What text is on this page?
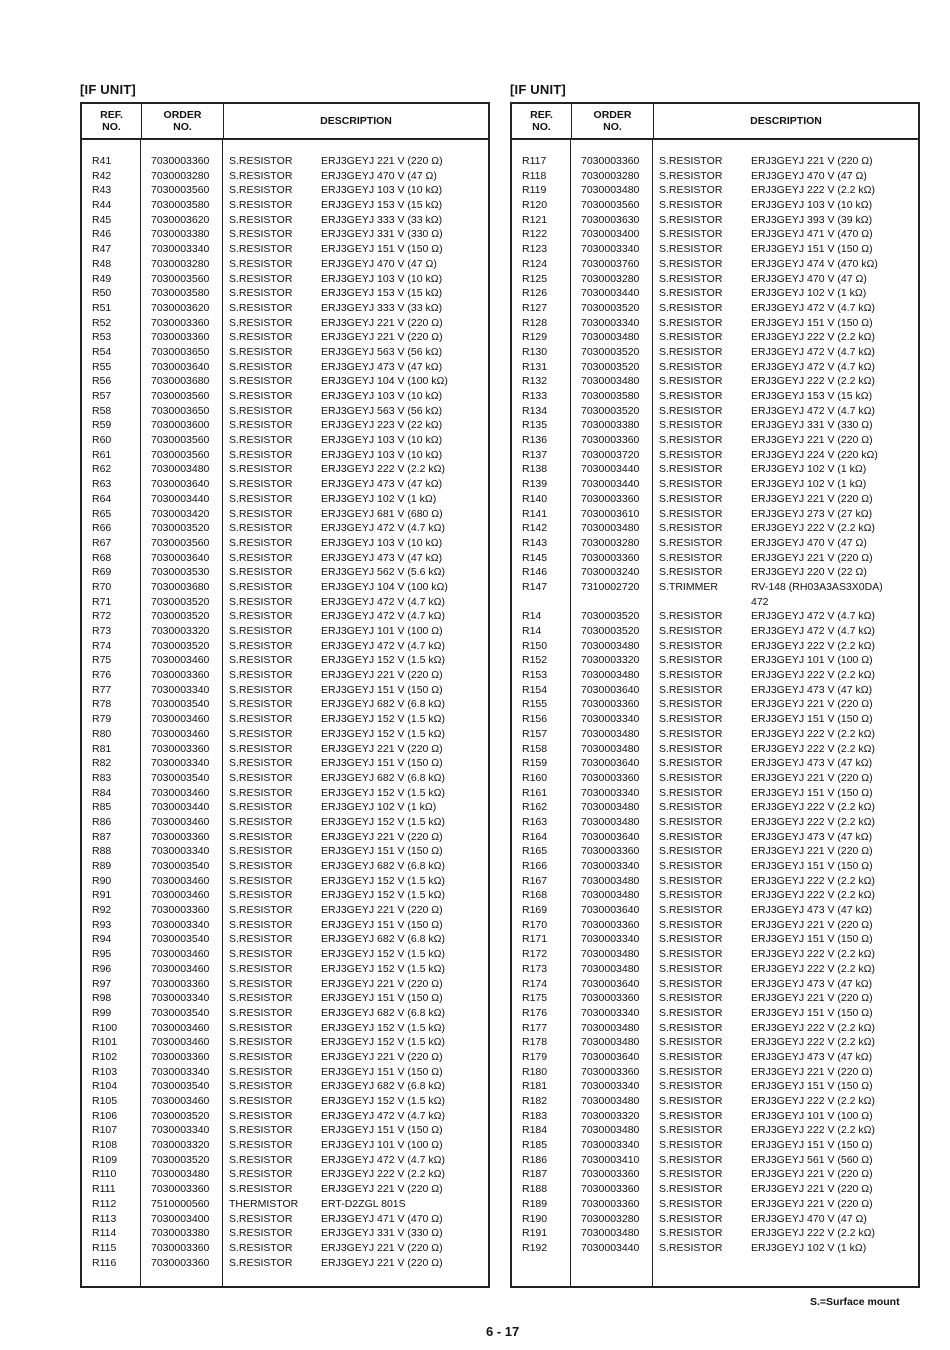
[IF UNIT]
REF.
NO.
ORDER
NO.	DESCRIPTION
R41	7030003360	S.RESISTOR	ERJ3GEYJ 221 V (220 Ω)
R42	7030003280	S.RESISTOR	ERJ3GEYJ 470 V (47 Ω)
R43	7030003560	S.RESISTOR	ERJ3GEYJ 103 V (10 kΩ)
R44	7030003580	S.RESISTOR	ERJ3GEYJ 153 V (15 kΩ)
R45	7030003620	S.RESISTOR	ERJ3GEYJ 333 V (33 kΩ)
R46	7030003380	S.RESISTOR	ERJ3GEYJ 331 V (330 Ω)
R47	7030003340	S.RESISTOR	ERJ3GEYJ 151 V (150 Ω)
R48	7030003280	S.RESISTOR	ERJ3GEYJ 470 V (47 Ω)
R49	7030003560	S.RESISTOR	ERJ3GEYJ 103 V (10 kΩ)
R50	7030003580	S.RESISTOR	ERJ3GEYJ 153 V (15 kΩ)
R51	7030003620	S.RESISTOR	ERJ3GEYJ 333 V (33 kΩ)
R52	7030003360	S.RESISTOR	ERJ3GEYJ 221 V (220 Ω)
R53	7030003360	S.RESISTOR	ERJ3GEYJ 221 V (220 Ω)
R54	7030003650	S.RESISTOR	ERJ3GEYJ 563 V (56 kΩ)
R55	7030003640	S.RESISTOR	ERJ3GEYJ 473 V (47 kΩ)
R56	7030003680	S.RESISTOR	ERJ3GEYJ 104 V (100 kΩ)
R57	7030003560	S.RESISTOR	ERJ3GEYJ 103 V (10 kΩ)
R58	7030003650	S.RESISTOR	ERJ3GEYJ 563 V (56 kΩ)
R59	7030003600	S.RESISTOR	ERJ3GEYJ 223 V (22 kΩ)
R60	7030003560	S.RESISTOR	ERJ3GEYJ 103 V (10 kΩ)
R61	7030003560	S.RESISTOR	ERJ3GEYJ 103 V (10 kΩ)
R62	7030003480	S.RESISTOR	ERJ3GEYJ 222 V (2.2 kΩ)
R63	7030003640	S.RESISTOR	ERJ3GEYJ 473 V (47 kΩ)
R64	7030003440	S.RESISTOR	ERJ3GEYJ 102 V (1 kΩ)
R65	7030003420	S.RESISTOR	ERJ3GEYJ 681 V (680 Ω)
R66	7030003520	S.RESISTOR	ERJ3GEYJ 472 V (4.7 kΩ)
R67	7030003560	S.RESISTOR	ERJ3GEYJ 103 V (10 kΩ)
R68	7030003640	S.RESISTOR	ERJ3GEYJ 473 V (47 kΩ)
R69	7030003530	S.RESISTOR	ERJ3GEYJ 562 V (5.6 kΩ)
R70	7030003680	S.RESISTOR	ERJ3GEYJ 104 V (100 kΩ)
R71	7030003520	S.RESISTOR	ERJ3GEYJ 472 V (4.7 kΩ)
R72	7030003520	S.RESISTOR	ERJ3GEYJ 472 V (4.7 kΩ)
R73	7030003320	S.RESISTOR	ERJ3GEYJ 101 V (100 Ω)
R74	7030003520	S.RESISTOR	ERJ3GEYJ 472 V (4.7 kΩ)
R75	7030003460	S.RESISTOR	ERJ3GEYJ 152 V (1.5 kΩ)
R76	7030003360	S.RESISTOR	ERJ3GEYJ 221 V (220 Ω)
R77	7030003340	S.RESISTOR	ERJ3GEYJ 151 V (150 Ω)
R78	7030003540	S.RESISTOR	ERJ3GEYJ 682 V (6.8 kΩ)
R79	7030003460	S.RESISTOR	ERJ3GEYJ 152 V (1.5 kΩ)
R80	7030003460	S.RESISTOR	ERJ3GEYJ 152 V (1.5 kΩ)
R81	7030003360	S.RESISTOR	ERJ3GEYJ 221 V (220 Ω)
R82	7030003340	S.RESISTOR	ERJ3GEYJ 151 V (150 Ω)
R83	7030003540	S.RESISTOR	ERJ3GEYJ 682 V (6.8 kΩ)
R84	7030003460	S.RESISTOR	ERJ3GEYJ 152 V (1.5 kΩ)
R85	7030003440	S.RESISTOR	ERJ3GEYJ 102 V (1 kΩ)
R86	7030003460	S.RESISTOR	ERJ3GEYJ 152 V (1.5 kΩ)
R87	7030003360	S.RESISTOR	ERJ3GEYJ 221 V (220 Ω)
R88	7030003340	S.RESISTOR	ERJ3GEYJ 151 V (150 Ω)
R89	7030003540	S.RESISTOR	ERJ3GEYJ 682 V (6.8 kΩ)
R90	7030003460	S.RESISTOR	ERJ3GEYJ 152 V (1.5 kΩ)
R91	7030003460	S.RESISTOR	ERJ3GEYJ 152 V (1.5 kΩ)
R92	7030003360	S.RESISTOR	ERJ3GEYJ 221 V (220 Ω)
R93	7030003340	S.RESISTOR	ERJ3GEYJ 151 V (150 Ω)
R94	7030003540	S.RESISTOR	ERJ3GEYJ 682 V (6.8 kΩ)
R95	7030003460	S.RESISTOR	ERJ3GEYJ 152 V (1.5 kΩ)
R96	7030003460	S.RESISTOR	ERJ3GEYJ 152 V (1.5 kΩ)
R97	7030003360	S.RESISTOR	ERJ3GEYJ 221 V (220 Ω)
R98	7030003340	S.RESISTOR	ERJ3GEYJ 151 V (150 Ω)
R99	7030003540	S.RESISTOR	ERJ3GEYJ 682 V (6.8 kΩ)
R100	7030003460	S.RESISTOR	ERJ3GEYJ 152 V (1.5 kΩ)
R101	7030003460	S.RESISTOR	ERJ3GEYJ 152 V (1.5 kΩ)
R102	7030003360	S.RESISTOR	ERJ3GEYJ 221 V (220 Ω)
R103	7030003340	S.RESISTOR	ERJ3GEYJ 151 V (150 Ω)
R104	7030003540	S.RESISTOR	ERJ3GEYJ 682 V (6.8 kΩ)
R105	7030003460	S.RESISTOR	ERJ3GEYJ 152 V (1.5 kΩ)
R106	7030003520	S.RESISTOR	ERJ3GEYJ 472 V (4.7 kΩ)
R107	7030003340	S.RESISTOR	ERJ3GEYJ 151 V (150 Ω)
R108	7030003320	S.RESISTOR	ERJ3GEYJ 101 V (100 Ω)
R109	7030003520	S.RESISTOR	ERJ3GEYJ 472 V (4.7 kΩ)
R110	7030003480	S.RESISTOR	ERJ3GEYJ 222 V (2.2 kΩ)
R111	7030003360	S.RESISTOR	ERJ3GEYJ 221 V (220 Ω)
R112	7510000560	THERMISTOR	ERT-D2ZGL 801S
R113	7030003400	S.RESISTOR	ERJ3GEYJ 471 V (470 Ω)
R114	7030003380	S.RESISTOR	ERJ3GEYJ 331 V (330 Ω)
R115	7030003360	S.RESISTOR	ERJ3GEYJ 221 V (220 Ω)
R116	7030003360	S.RESISTOR	ERJ3GEYJ 221 V (220 Ω)
[IF UNIT]
REF.
NO.
ORDER
NO.	DESCRIPTION
R117	7030003360	S.RESISTOR	ERJ3GEYJ 221 V (220 Ω)
R118	7030003280	S.RESISTOR	ERJ3GEYJ 470 V (47 Ω)
R119	7030003480	S.RESISTOR	ERJ3GEYJ 222 V (2.2 kΩ)
R120	7030003560	S.RESISTOR	ERJ3GEYJ 103 V (10 kΩ)
R121	7030003630	S.RESISTOR	ERJ3GEYJ 393 V (39 kΩ)
R122	7030003400	S.RESISTOR	ERJ3GEYJ 471 V (470 Ω)
R123	7030003340	S.RESISTOR	ERJ3GEYJ 151 V (150 Ω)
R124	7030003760	S.RESISTOR	ERJ3GEYJ 474 V (470 kΩ)
R125	7030003280	S.RESISTOR	ERJ3GEYJ 470 V (47 Ω)
R126	7030003440	S.RESISTOR	ERJ3GEYJ 102 V (1 kΩ)
R127	7030003520	S.RESISTOR	ERJ3GEYJ 472 V (4.7 kΩ)
R128	7030003340	S.RESISTOR	ERJ3GEYJ 151 V (150 Ω)
R129	7030003480	S.RESISTOR	ERJ3GEYJ 222 V (2.2 kΩ)
R130	7030003520	S.RESISTOR	ERJ3GEYJ 472 V (4.7 kΩ)
R131	7030003520	S.RESISTOR	ERJ3GEYJ 472 V (4.7 kΩ)
R132	7030003480	S.RESISTOR	ERJ3GEYJ 222 V (2.2 kΩ)
R133	7030003580	S.RESISTOR	ERJ3GEYJ 153 V (15 kΩ)
R134	7030003520	S.RESISTOR	ERJ3GEYJ 472 V (4.7 kΩ)
R135	7030003380	S.RESISTOR	ERJ3GEYJ 331 V (330 Ω)
R136	7030003360	S.RESISTOR	ERJ3GEYJ 221 V (220 Ω)
R137	7030003720	S.RESISTOR	ERJ3GEYJ 224 V (220 kΩ)
R138	7030003440	S.RESISTOR	ERJ3GEYJ 102 V (1 kΩ)
R139	7030003440	S.RESISTOR	ERJ3GEYJ 102 V (1 kΩ)
R140	7030003360	S.RESISTOR	ERJ3GEYJ 221 V (220 Ω)
R141	7030003610	S.RESISTOR	ERJ3GEYJ 273 V (27 kΩ)
R142	7030003480	S.RESISTOR	ERJ3GEYJ 222 V (2.2 kΩ)
R143	7030003280	S.RESISTOR	ERJ3GEYJ 470 V (47 Ω)
R145	7030003360	S.RESISTOR	ERJ3GEYJ 221 V (220 Ω)
R146	7030003240	S.RESISTOR	ERJ3GEYJ 220 V (22 Ω)
R147	7310002720	S.TRIMMER	RV-148 (RH03A3AS3X0DA)
472
R14	7030003520	S.RESISTOR	ERJ3GEYJ 472 V (4.7 kΩ)
R14	7030003520	S.RESISTOR	ERJ3GEYJ 472 V (4.7 kΩ)
R150	7030003480	S.RESISTOR	ERJ3GEYJ 222 V (2.2 kΩ)
R152	7030003320	S.RESISTOR	ERJ3GEYJ 101 V (100 Ω)
R153	7030003480	S.RESISTOR	ERJ3GEYJ 222 V (2.2 kΩ)
R154	7030003640	S.RESISTOR	ERJ3GEYJ 473 V (47 kΩ)
R155	7030003360	S.RESISTOR	ERJ3GEYJ 221 V (220 Ω)
R156	7030003340	S.RESISTOR	ERJ3GEYJ 151 V (150 Ω)
R157	7030003480	S.RESISTOR	ERJ3GEYJ 222 V (2.2 kΩ)
R158	7030003480	S.RESISTOR	ERJ3GEYJ 222 V (2.2 kΩ)
R159	7030003640	S.RESISTOR	ERJ3GEYJ 473 V (47 kΩ)
R160	7030003360	S.RESISTOR	ERJ3GEYJ 221 V (220 Ω)
R161	7030003340	S.RESISTOR	ERJ3GEYJ 151 V (150 Ω)
R162	7030003480	S.RESISTOR	ERJ3GEYJ 222 V (2.2 kΩ)
R163	7030003480	S.RESISTOR	ERJ3GEYJ 222 V (2.2 kΩ)
R164	7030003640	S.RESISTOR	ERJ3GEYJ 473 V (47 kΩ)
R165	7030003360	S.RESISTOR	ERJ3GEYJ 221 V (220 Ω)
R166	7030003340	S.RESISTOR	ERJ3GEYJ 151 V (150 Ω)
R167	7030003480	S.RESISTOR	ERJ3GEYJ 222 V (2.2 kΩ)
R168	7030003480	S.RESISTOR	ERJ3GEYJ 222 V (2.2 kΩ)
R169	7030003640	S.RESISTOR	ERJ3GEYJ 473 V (47 kΩ)
R170	7030003360	S.RESISTOR	ERJ3GEYJ 221 V (220 Ω)
R171	7030003340	S.RESISTOR	ERJ3GEYJ 151 V (150 Ω)
R172	7030003480	S.RESISTOR	ERJ3GEYJ 222 V (2.2 kΩ)
R173	7030003480	S.RESISTOR	ERJ3GEYJ 222 V (2.2 kΩ)
R174	7030003640	S.RESISTOR	ERJ3GEYJ 473 V (47 kΩ)
R175	7030003360	S.RESISTOR	ERJ3GEYJ 221 V (220 Ω)
R176	7030003340	S.RESISTOR	ERJ3GEYJ 151 V (150 Ω)
R177	7030003480	S.RESISTOR	ERJ3GEYJ 222 V (2.2 kΩ)
R178	7030003480	S.RESISTOR	ERJ3GEYJ 222 V (2.2 kΩ)
R179	7030003640	S.RESISTOR	ERJ3GEYJ 473 V (47 kΩ)
R180	7030003360	S.RESISTOR	ERJ3GEYJ 221 V (220 Ω)
R181	7030003340	S.RESISTOR	ERJ3GEYJ 151 V (150 Ω)
R182	7030003480	S.RESISTOR	ERJ3GEYJ 222 V (2.2 kΩ)
R183	7030003320	S.RESISTOR	ERJ3GEYJ 101 V (100 Ω)
R184	7030003480	S.RESISTOR	ERJ3GEYJ 222 V (2.2 kΩ)
R185	7030003340	S.RESISTOR	ERJ3GEYJ 151 V (150 Ω)
R186	7030003410	S.RESISTOR	ERJ3GEYJ 561 V (560 Ω)
R187	7030003360	S.RESISTOR	ERJ3GEYJ 221 V (220 Ω)
R188	7030003360	S.RESISTOR	ERJ3GEYJ 221 V (220 Ω)
R189	7030003360	S.RESISTOR	ERJ3GEYJ 221 V (220 Ω)
R190	7030003280	S.RESISTOR	ERJ3GEYJ 470 V (47 Ω)
R191	7030003480	S.RESISTOR	ERJ3GEYJ 222 V (2.2 kΩ)
R192	7030003440	S.RESISTOR	ERJ3GEYJ 102 V (1 kΩ)
S.=Surface mount
6 - 17
